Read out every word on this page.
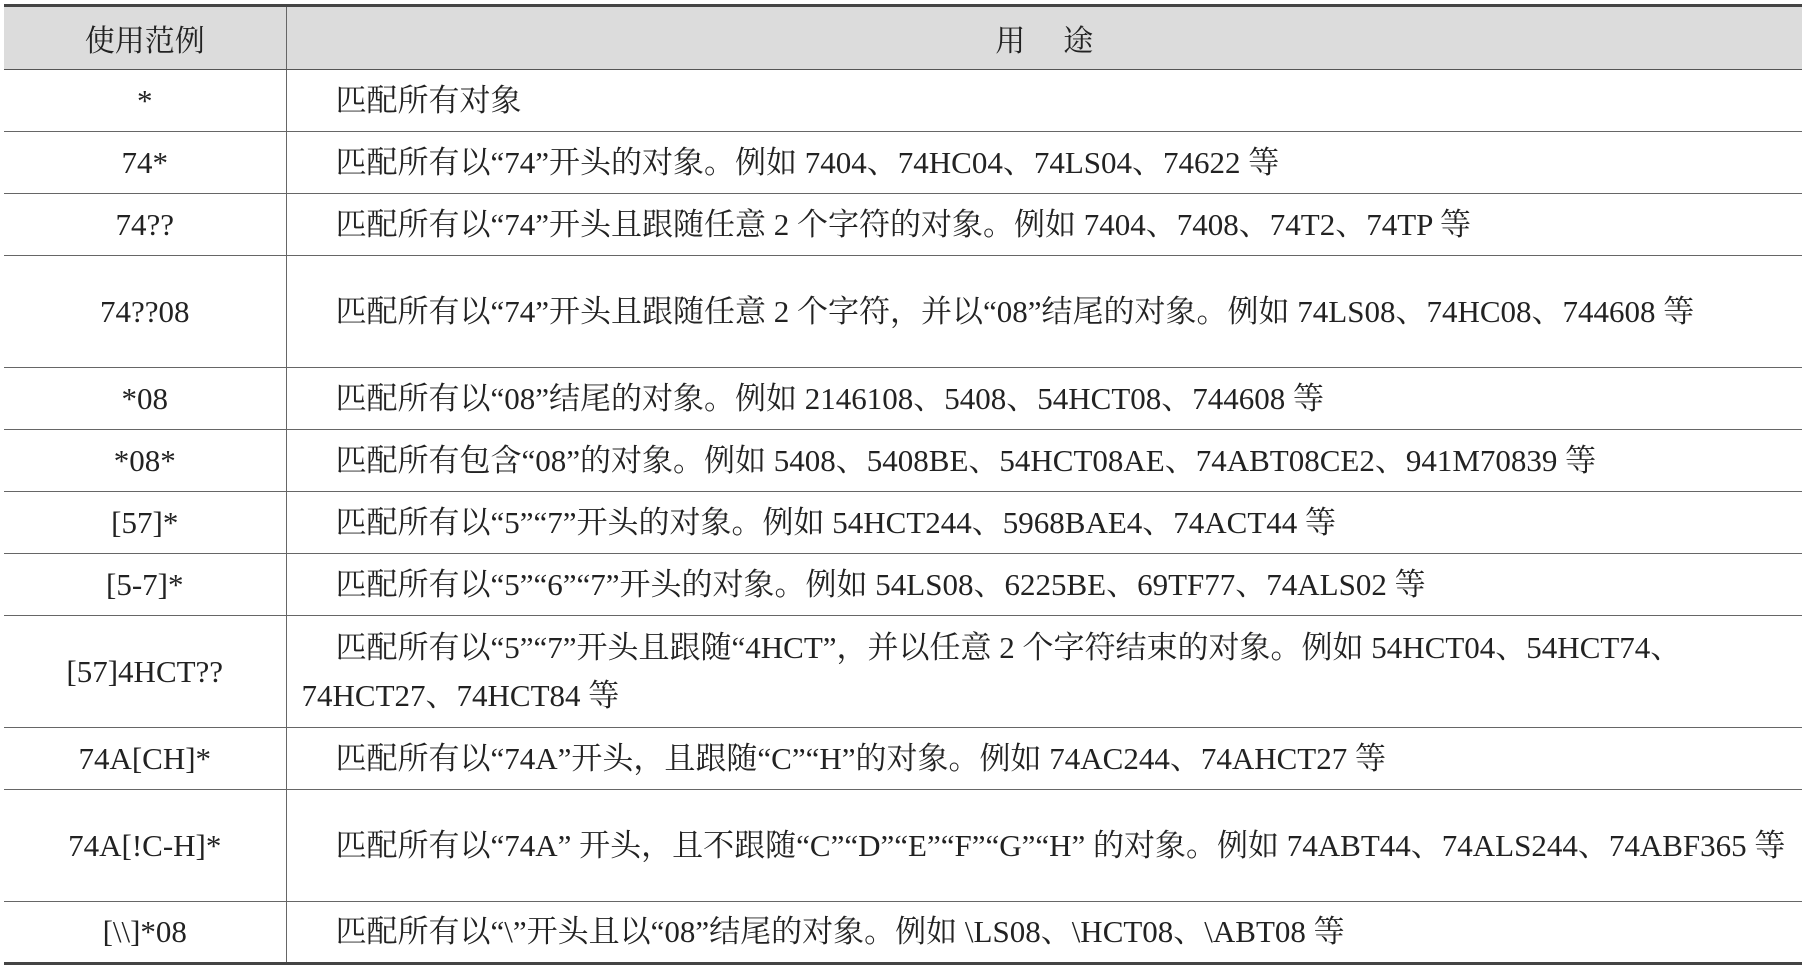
使用范例	用途
*	匹配所有对象
74*	匹配所有以“74”开头的对象。例如 7404、74HC04、74LS04、74622 等
74??	匹配所有以“74”开头且跟随任意 2 个字符的对象。例如 7404、7408、74T2、74TP 等
74??08	匹配所有以“74”开头且跟随任意 2 个字符，并以“08”结尾的对象。例如 74LS08、74HC08、744608 等
*08	匹配所有以“08”结尾的对象。例如 2146108、5408、54HCT08、744608 等
*08*	匹配所有包含“08”的对象。例如 5408、5408BE、54HCT08AE、74ABT08CE2、941M70839 等
[57]*	匹配所有以“5”“7”开头的对象。例如 54HCT244、5968BAE4、74ACT44 等
[5-7]*	匹配所有以“5”“6”“7”开头的对象。例如 54LS08、6225BE、69TF77、74ALS02 等
[57]4HCT??	匹配所有以“5”“7”开头且跟随“4HCT”，并以任意 2 个字符结束的对象。例如 54HCT04、54HCT74、74HCT27、74HCT84 等
74A[CH]*	匹配所有以“74A”开头，且跟随“C”“H”的对象。例如 74AC244、74AHCT27 等
74A[!C-H]*	匹配所有以“74A” 开头，且不跟随“C”“D”“E”“F”“G”“H” 的对象。例如 74ABT44、74ALS244、74ABF365 等
[\\]*08	匹配所有以“\”开头且以“08”结尾的对象。例如 \LS08、\HCT08、\ABT08 等
